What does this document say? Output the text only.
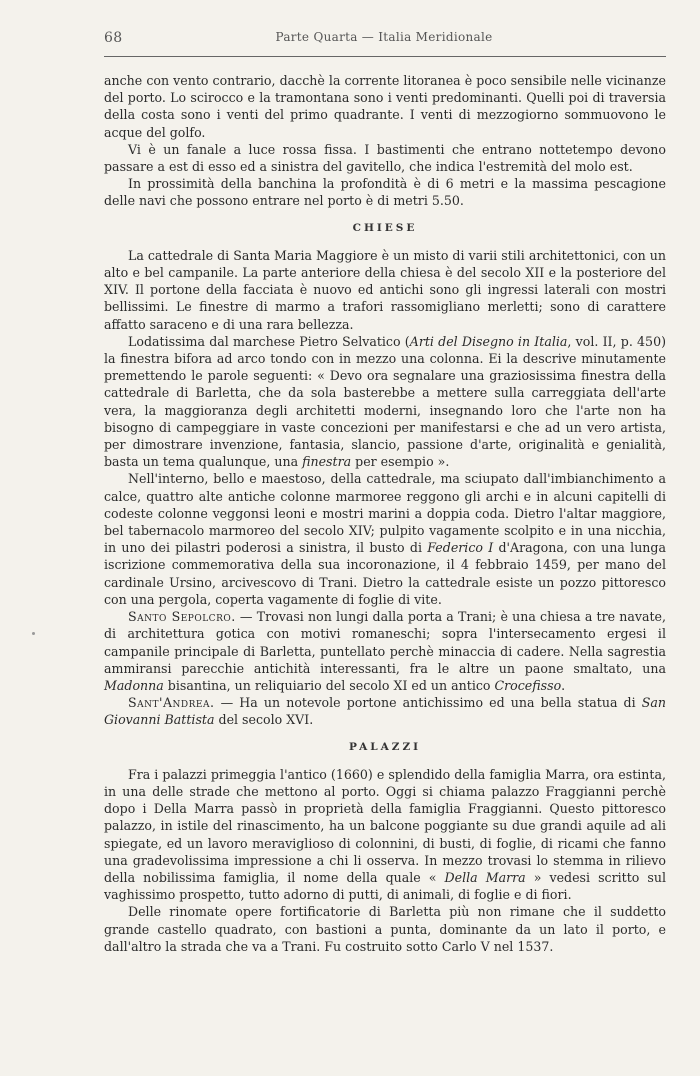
68	Parte Quarta — Italia Meridionale

anche con vento contrario, dacchè la corrente litoranea è poco sensibile nelle vicinanze del porto. Lo scirocco e la tramontana sono i venti predominanti. Quelli poi di traversia della costa sono i venti del primo quadrante. I venti di mezzogiorno sommuovono le acque del golfo.

Vi è un fanale a luce rossa fissa. I bastimenti che entrano nottetempo devono passare a est di esso ed a sinistra del gavitello, che indica l'estremità del molo est.

In prossimità della banchina la profondità è di 6 metri e la massima pescagione delle navi che possono entrare nel porto è di metri 5.50.

CHIESE

La cattedrale di Santa Maria Maggiore è un misto di varii stili architettonici, con un alto e bel campanile. La parte anteriore della chiesa è del secolo XII e la posteriore del XIV. Il portone della facciata è nuovo ed antichi sono gli ingressi laterali con mostri bellissimi. Le finestre di marmo a trafori rassomigliano merletti; sono di carattere affatto saraceno e di una rara bellezza.

Lodatissima dal marchese Pietro Selvatico (Arti del Disegno in Italia, vol. II, p. 450) la finestra bifora ad arco tondo con in mezzo una colonna. Ei la descrive minutamente premettendo le parole seguenti: « Devo ora segnalare una graziosissima finestra della cattedrale di Barletta, che da sola basterebbe a mettere sulla carreggiata dell'arte vera, la maggioranza degli architetti moderni, insegnando loro che l'arte non ha bisogno di campeggiare in vaste concezioni per manifestarsi e che ad un vero artista, per dimostrare invenzione, fantasia, slancio, passione d'arte, originalità e genialità, basta un tema qualunque, una finestra per esempio ».

Nell'interno, bello e maestoso, della cattedrale, ma sciupato dall'imbianchimento a calce, quattro alte antiche colonne marmoree reggono gli archi e in alcuni capitelli di codeste colonne veggonsi leoni e mostri marini a doppia coda. Dietro l'altar maggiore, bel tabernacolo marmoreo del secolo XIV; pulpito vagamente scolpito e in una nicchia, in uno dei pilastri poderosi a sinistra, il busto di Federico I d'Aragona, con una lunga iscrizione commemorativa della sua incoronazione, il 4 febbraio 1459, per mano del cardinale Ursino, arcivescovo di Trani. Dietro la cattedrale esiste un pozzo pittoresco con una pergola, coperta vagamente di foglie di vite.

Santo Sepolcro. — Trovasi non lungi dalla porta a Trani; è una chiesa a tre navate, di architettura gotica con motivi romaneschi; sopra l'intersecamento ergesi il campanile principale di Barletta, puntellato perchè minaccia di cadere. Nella sagrestia ammiransi parecchie antichità interessanti, fra le altre un paone smaltato, una Madonna bisantina, un reliquiario del secolo XI ed un antico Crocefisso.

Sant'Andrea. — Ha un notevole portone antichissimo ed una bella statua di San Giovanni Battista del secolo XVI.

PALAZZI

Fra i palazzi primeggia l'antico (1660) e splendido della famiglia Marra, ora estinta, in una delle strade che mettono al porto. Oggi si chiama palazzo Fraggianni perchè dopo i Della Marra passò in proprietà della famiglia Fraggianni. Questo pittoresco palazzo, in istile del rinascimento, ha un balcone poggiante su due grandi aquile ad ali spiegate, ed un lavoro meraviglioso di colonnini, di busti, di foglie, di ricami che fanno una gradevolissima impressione a chi li osserva. In mezzo trovasi lo stemma in rilievo della nobilissima famiglia, il nome della quale « Della Marra » vedesi scritto sul vaghissimo prospetto, tutto adorno di putti, di animali, di foglie e di fiori.

Delle rinomate opere fortificatorie di Barletta più non rimane che il suddetto grande castello quadrato, con bastioni a punta, dominante da un lato il porto, e dall'altro la strada che va a Trani. Fu costruito sotto Carlo V nel 1537.
